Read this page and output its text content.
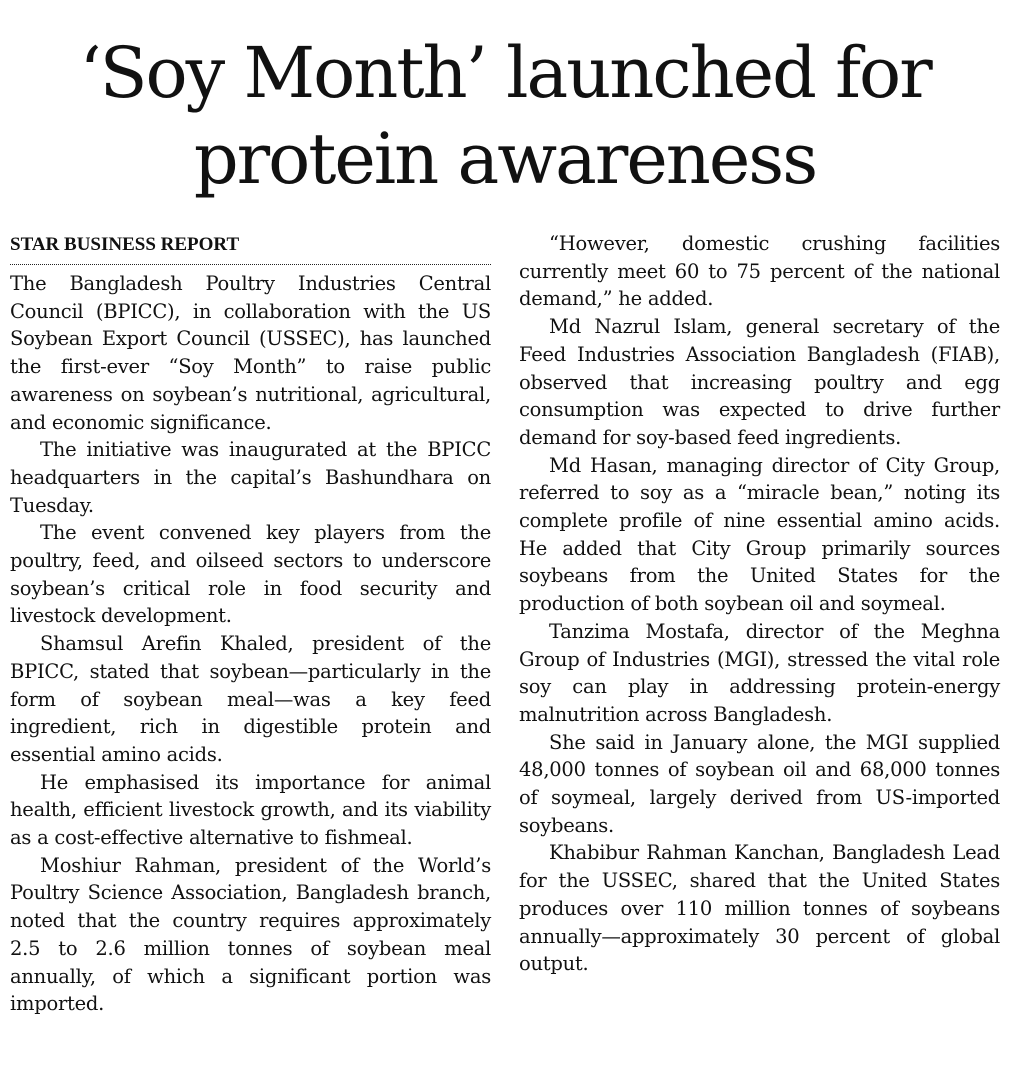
‘Soy Month’ launched for protein awareness
STAR BUSINESS REPORT

The Bangladesh Poultry Industries Central Council (BPICC), in collaboration with the US Soybean Export Council (USSEC), has launched the first-ever “Soy Month” to raise public awareness on soybean’s nutritional, agricultural, and economic significance.

The initiative was inaugurated at the BPICC headquarters in the capital’s Bashundhara on Tuesday.

The event convened key players from the poultry, feed, and oilseed sectors to underscore soybean’s critical role in food security and livestock development.

Shamsul Arefin Khaled, president of the BPICC, stated that soybean—particularly in the form of soybean meal—was a key feed ingredient, rich in digestible protein and essential amino acids.

He emphasised its importance for animal health, efficient livestock growth, and its viability as a cost-effective alternative to fishmeal.

Moshiur Rahman, president of the World’s Poultry Science Association, Bangladesh branch, noted that the country requires approximately 2.5 to 2.6 million tonnes of soybean meal annually, of which a significant portion was imported.

“However, domestic crushing facilities currently meet 60 to 75 percent of the national demand,” he added.

Md Nazrul Islam, general secretary of the Feed Industries Association Bangladesh (FIAB), observed that increasing poultry and egg consumption was expected to drive further demand for soy-based feed ingredients.

Md Hasan, managing director of City Group, referred to soy as a “miracle bean,” noting its complete profile of nine essential amino acids. He added that City Group primarily sources soybeans from the United States for the production of both soybean oil and soymeal.

Tanzima Mostafa, director of the Meghna Group of Industries (MGI), stressed the vital role soy can play in addressing protein-energy malnutrition across Bangladesh.

She said in January alone, the MGI supplied 48,000 tonnes of soybean oil and 68,000 tonnes of soymeal, largely derived from US-imported soybeans.

Khabibur Rahman Kanchan, Bangladesh Lead for the USSEC, shared that the United States produces over 110 million tonnes of soybeans annually—approximately 30 percent of global output.
